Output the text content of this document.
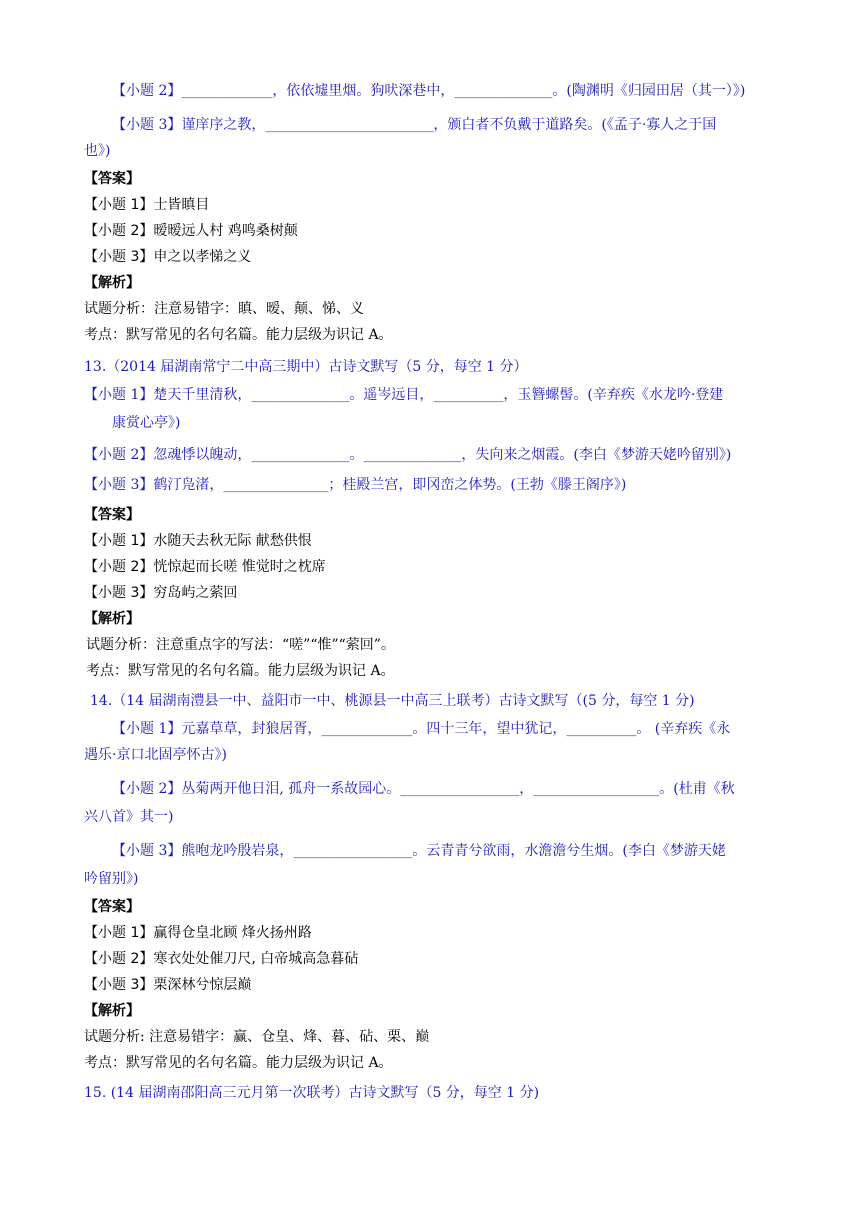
【小题 2】_____________，依依墟里烟。狗吠深巷中，______________。(陶渊明《归园田居（其一）》)
【小题 3】谨庠序之教，________________________，颁白者不负戴于道路矣。(《孟子·寡人之于国
也》)
【答案】
【小题 1】士皆瞋目
【小题 2】暧暧远人村 鸡鸣桑树颠
【小题 3】申之以孝悌之义
【解析】
试题分析：注意易错字：瞋、暧、颠、悌、义
考点：默写常见的名句名篇。能力层级为识记 A。
13.（2014 届湖南常宁二中高三期中）古诗文默写（5 分，每空 1 分）
【小题 1】楚天千里清秋，______________。遥岑远目，__________，玉簪螺髻。(辛弃疾《水龙吟·登建
康赏心亭》)
【小题 2】忽魂悸以魄动，______________。______________，失向来之烟霞。(李白《梦游天姥吟留别》)
【小题 3】鹤汀凫渚，_______________；桂殿兰宫，即冈峦之体势。(王勃《滕王阁序》)
【答案】
【小题 1】水随天去秋无际 献愁供恨
【小题 2】恍惊起而长嗟 惟觉时之枕席
【小题 3】穷岛屿之萦回
【解析】
试题分析：注意重点字的写法：“嗟”“惟”“萦回”。
考点：默写常见的名句名篇。能力层级为识记 A。
14.（14 届湖南澧县一中、益阳市一中、桃源县一中高三上联考）古诗文默写（(5 分，每空 1 分)
【小题 1】元嘉草草，封狼居胥，_____________。四十三年，望中犹记，__________。 (辛弃疾《永
遇乐·京口北固亭怀古》)
【小题 2】丛菊两开他日泪, 孤舟一系故园心。_________________，__________________。(杜甫《秋
兴八首》其一)
【小题 3】熊咆龙吟殷岩泉，_________________。云青青兮欲雨，水澹澹兮生烟。(李白《梦游天姥
吟留别》)
【答案】
【小题 1】赢得仓皇北顾 烽火扬州路
【小题 2】寒衣处处催刀尺, 白帝城高急暮砧
【小题 3】栗深林兮惊层巅
【解析】
试题分析: 注意易错字：赢、仓皇、烽、暮、砧、栗、巅
考点：默写常见的名句名篇。能力层级为识记 A。
15. (14 届湖南邵阳高三元月第一次联考）古诗文默写（5 分，每空 1 分)
